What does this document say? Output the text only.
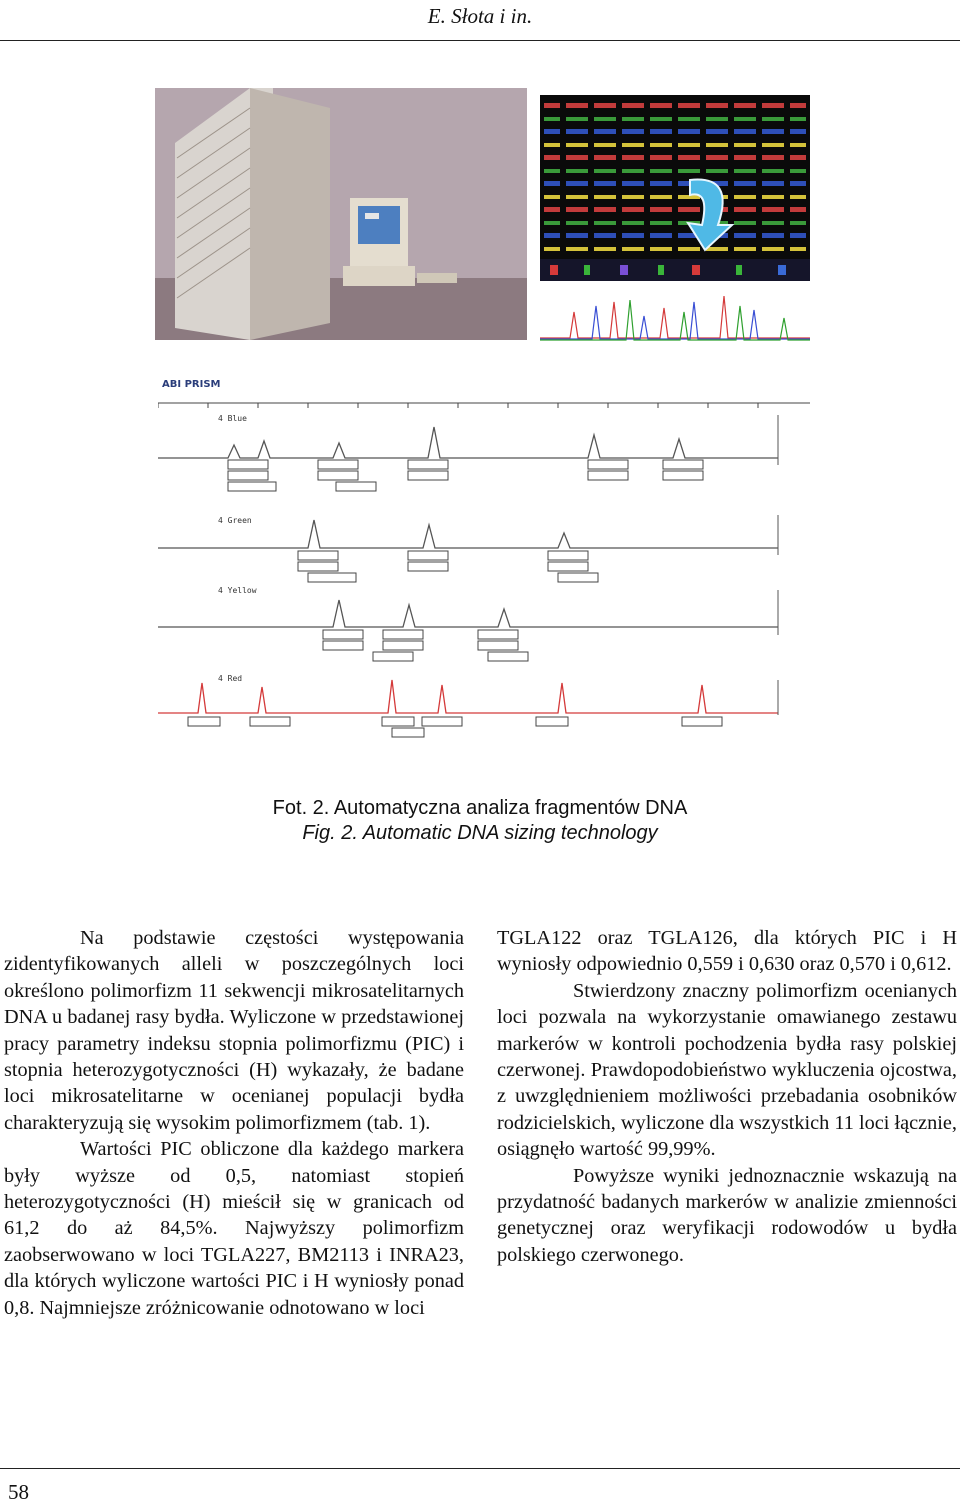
E. Słota i in.
ABI PRISM
4 Blue
4 Green
4 Yellow
4 Red
Fot. 2. Automatyczna analiza fragmentów DNA
Fig. 2. Automatic DNA sizing technology

Na podstawie częstości występowania zidentyfikowanych alleli w poszczególnych loci określono polimorfizm 11 sekwencji mikrosatelitarnych DNA u badanej rasy bydła. Wyliczone w przedstawionej pracy parametry indeksu stopnia polimorfizmu (PIC) i stopnia heterozygotyczności (H) wykazały, że badane loci mikrosatelitarne w ocenianej populacji bydła charakteryzują się wysokim polimorfizmem (tab. 1).

Wartości PIC obliczone dla każdego markera były wyższe od 0,5, natomiast stopień heterozygotyczności (H) mieścił się w granicach od 61,2 do aż 84,5%. Najwyższy polimorfizm zaobserwowano w loci TGLA227, BM2113 i INRA23, dla których wyliczone wartości PIC i H wyniosły ponad 0,8. Najmniejsze zróżnicowanie odnotowano w loci

TGLA122 oraz TGLA126, dla których PIC i H wyniosły odpowiednio 0,559 i 0,630 oraz 0,570 i 0,612.

Stwierdzony znaczny polimorfizm ocenianych loci pozwala na wykorzystanie omawianego zestawu markerów w kontroli pochodzenia bydła rasy polskiej czerwonej. Prawdopodobieństwo wykluczenia ojcostwa, z uwzględnieniem możliwości przebadania osobników rodzicielskich, wyliczone dla wszystkich 11 loci łącznie, osiągnęło wartość 99,99%.

Powyższe wyniki jednoznacznie wskazują na przydatność badanych markerów w analizie zmienności genetycznej oraz weryfikacji rodowodów u bydła polskiego czerwonego.

58
